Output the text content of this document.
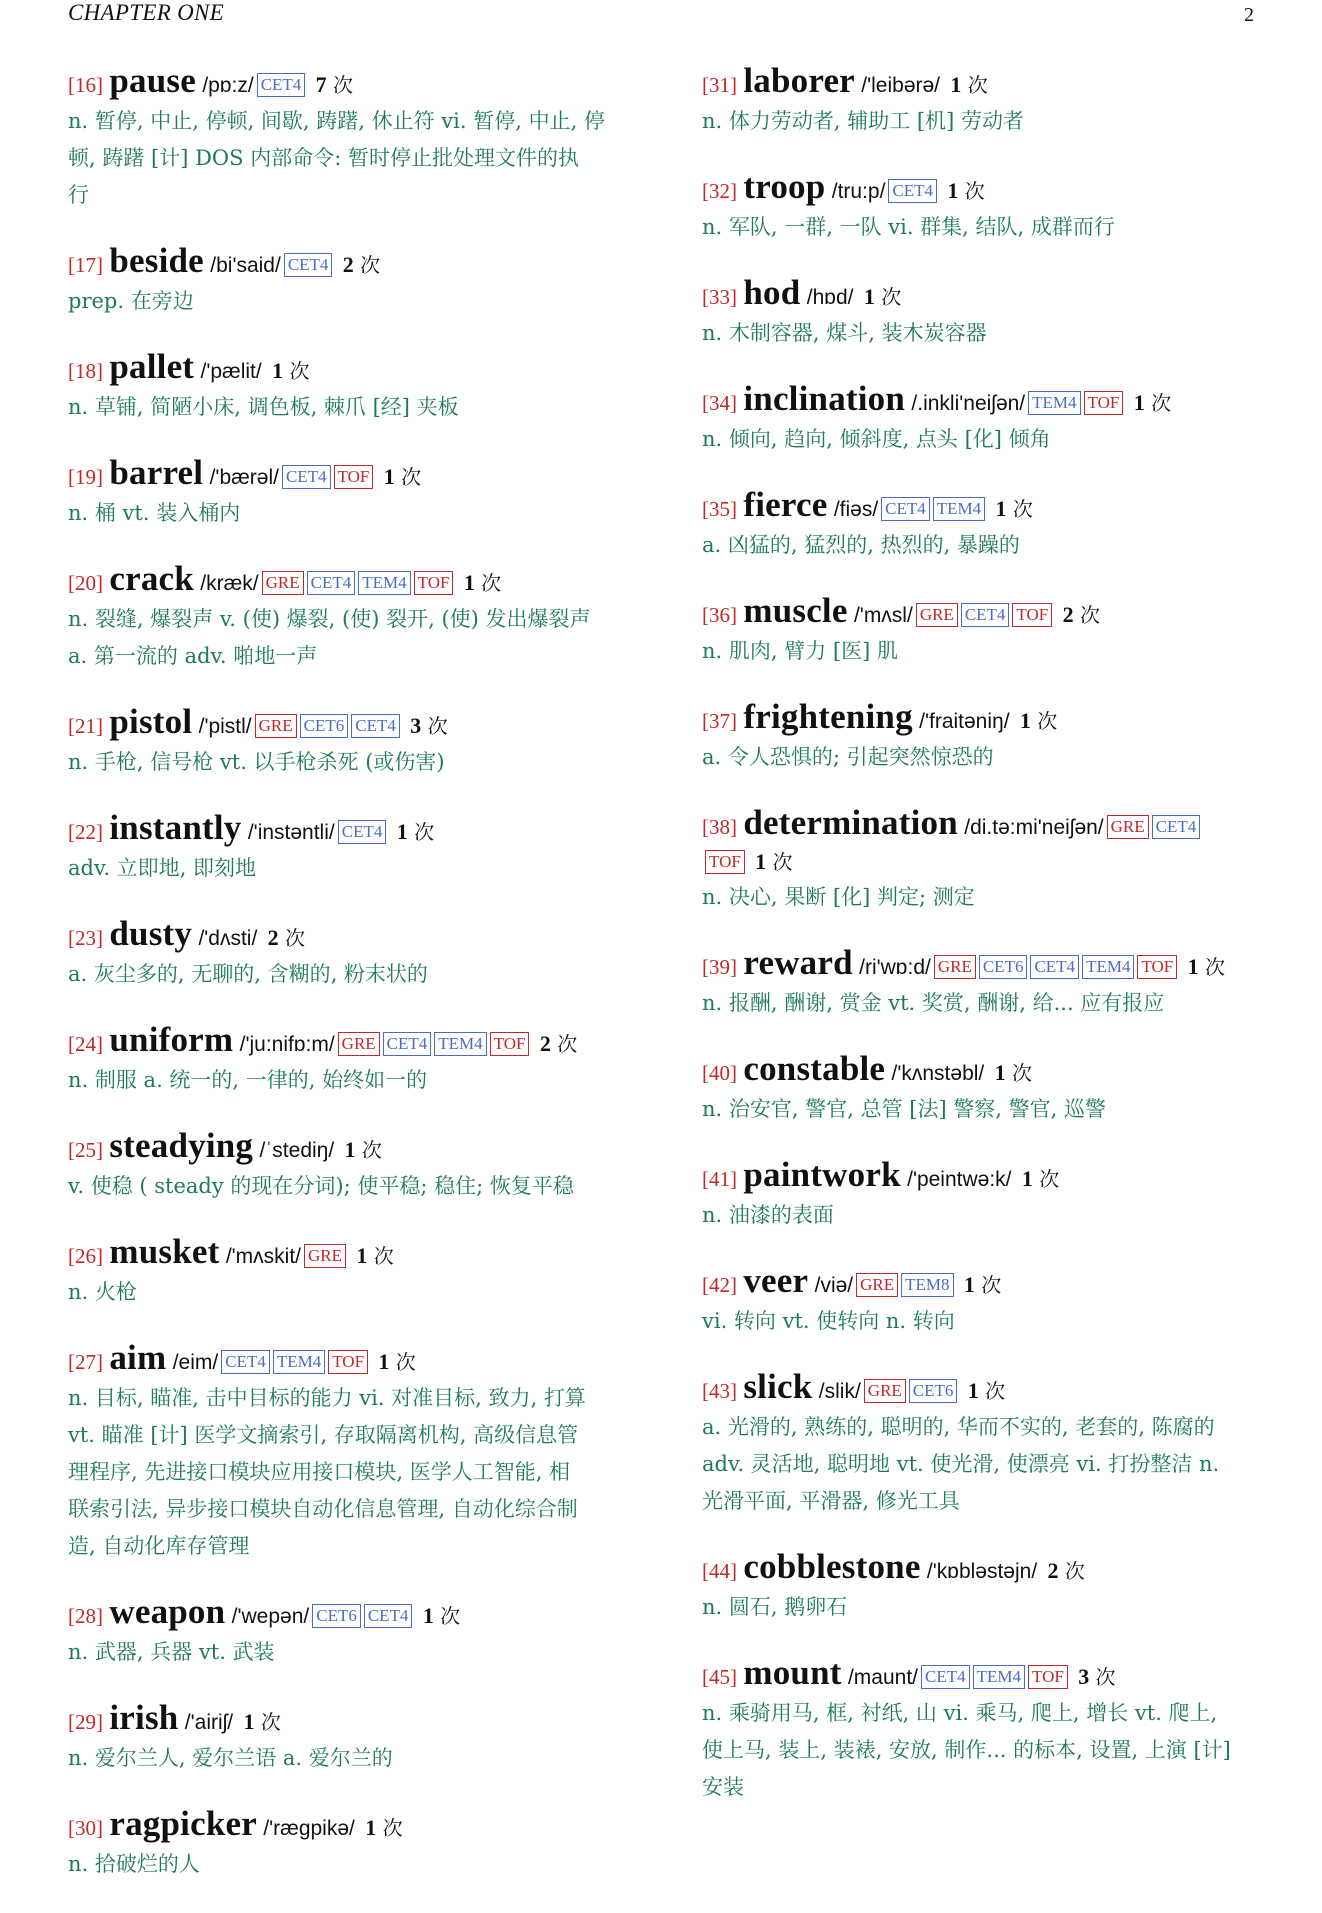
CHAPTER ONE	2
[16] pause /pɒ:z/ CET4 7 次
n. 暂停, 中止, 停顿, 间歇, 踌躇, 休止符 vi. 暂停, 中止, 停
顿, 踌躇 [计] DOS 内部命令: 暂时停止批处理文件的执
行
[17] beside /bi'said/ CET4 2 次
prep. 在旁边
[18] pallet /'pælit/ 1 次
n. 草铺, 简陋小床, 调色板, 棘爪 [经] 夹板
[19] barrel /'bærəl/ CET4 TOF 1 次
n. 桶 vt. 装入桶内
[20] crack /kræk/ GRE CET4 TEM4 TOF 1 次
n. 裂缝, 爆裂声 v. (使) 爆裂, (使) 裂开, (使) 发出爆裂声
a. 第一流的 adv. 啪地一声
[21] pistol /'pistl/ GRE CET6 CET4 3 次
n. 手枪, 信号枪 vt. 以手枪杀死 (或伤害)
[22] instantly /'instəntli/ CET4 1 次
adv. 立即地, 即刻地
[23] dusty /'dʌsti/ 2 次
a. 灰尘多的, 无聊的, 含糊的, 粉末状的
[24] uniform /'ju:nifɒ:m/ GRE CET4 TEM4 TOF 2 次
n. 制服 a. 统一的, 一律的, 始终如一的
[25] steadying /ˈstediŋ/ 1 次
v. 使稳 ( steady 的现在分词); 使平稳; 稳住; 恢复平稳
[26] musket /'mʌskit/ GRE 1 次
n. 火枪
[27] aim /eim/ CET4 TEM4 TOF 1 次
n. 目标, 瞄准, 击中目标的能力 vi. 对准目标, 致力, 打算
vt. 瞄准 [计] 医学文摘索引, 存取隔离机构, 高级信息管
理程序, 先进接口模块应用接口模块, 医学人工智能, 相
联索引法, 异步接口模块自动化信息管理, 自动化综合制
造, 自动化库存管理
[28] weapon /'wepən/ CET6 CET4 1 次
n. 武器, 兵器 vt. 武装
[29] irish /'airiʃ/ 1 次
n. 爱尔兰人, 爱尔兰语 a. 爱尔兰的
[30] ragpicker /'rægpikə/ 1 次
n. 拾破烂的人
[31] laborer /'leibərə/ 1 次
n. 体力劳动者, 辅助工 [机] 劳动者
[32] troop /tru:p/ CET4 1 次
n. 军队, 一群, 一队 vi. 群集, 结队, 成群而行
[33] hod /hɒd/ 1 次
n. 木制容器, 煤斗, 装木炭容器
[34] inclination /.inkli'neiʃən/ TEM4 TOF 1 次
n. 倾向, 趋向, 倾斜度, 点头 [化] 倾角
[35] fierce /fiəs/ CET4 TEM4 1 次
a. 凶猛的, 猛烈的, 热烈的, 暴躁的
[36] muscle /'mʌsl/ GRE CET4 TOF 2 次
n. 肌肉, 臂力 [医] 肌
[37] frightening /'fraitəniŋ/ 1 次
a. 令人恐惧的; 引起突然惊恐的
[38] determination /di.tə:mi'neiʃən/ GRE CET4
TOF 1 次
n. 决心, 果断 [化] 判定; 测定
[39] reward /ri'wɒ:d/ GRE CET6 CET4 TEM4 TOF 1 次
n. 报酬, 酬谢, 赏金 vt. 奖赏, 酬谢, 给... 应有报应
[40] constable /'kʌnstəbl/ 1 次
n. 治安官, 警官, 总管 [法] 警察, 警官, 巡警
[41] paintwork /'peintwə:k/ 1 次
n. 油漆的表面
[42] veer /viə/ GRE TEM8 1 次
vi. 转向 vt. 使转向 n. 转向
[43] slick /slik/ GRE CET6 1 次
a. 光滑的, 熟练的, 聪明的, 华而不实的, 老套的, 陈腐的
adv. 灵活地, 聪明地 vt. 使光滑, 使漂亮 vi. 打扮整洁 n.
光滑平面, 平滑器, 修光工具
[44] cobblestone /'kɒbləstəjn/ 2 次
n. 圆石, 鹅卵石
[45] mount /maunt/ CET4 TEM4 TOF 3 次
n. 乘骑用马, 框, 衬纸, 山 vi. 乘马, 爬上, 增长 vt. 爬上,
使上马, 装上, 装裱, 安放, 制作... 的标本, 设置, 上演 [计]
安装
